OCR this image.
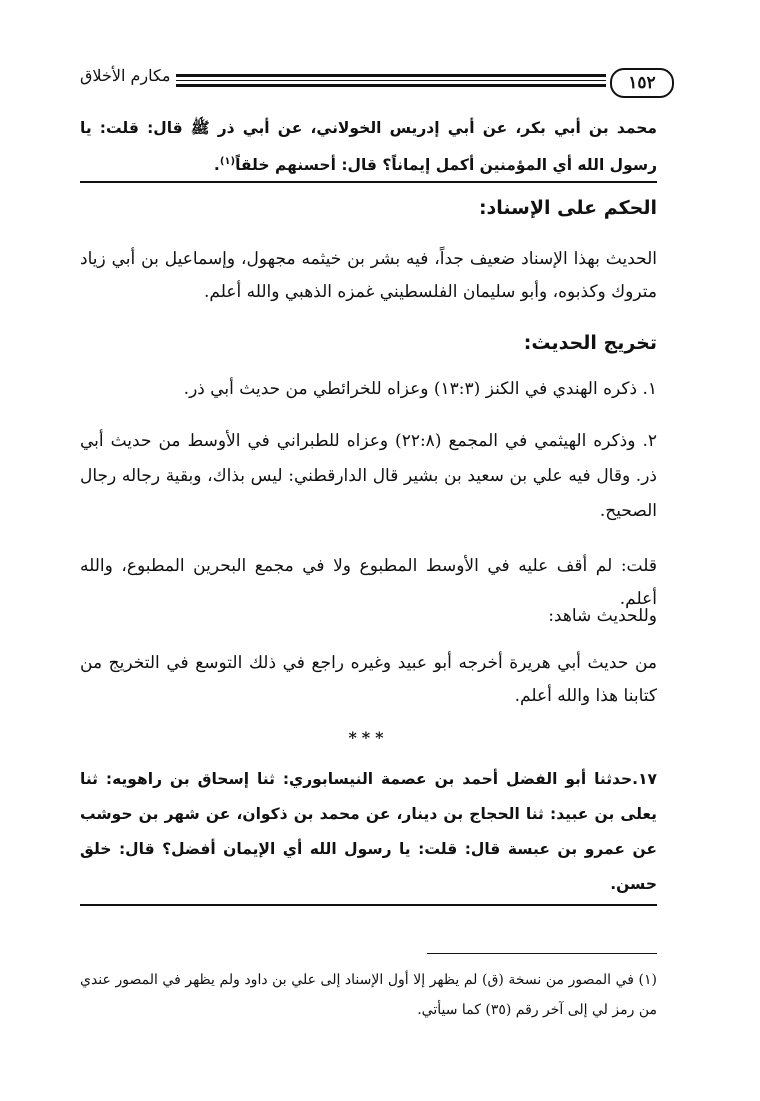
١٥٢
مكارم الأخلاق
محمد بن أبي بكر، عن أبي إدريس الخولاني، عن أبي ذر ﷺ قال: قلت: يا رسول الله أي المؤمنين أكمل إيماناً؟ قال: أحسنهم خلقاً$^{(١)}$.
الحكم على الإسناد:
الحديث بهذا الإسناد ضعيف جداً، فيه بشر بن خيثمه مجهول، وإسماعيل بن أبي زياد متروك وكذبوه، وأبو سليمان الفلسطيني غمزه الذهبي والله أعلم.
تخريج الحديث:
١. ذكره الهندي في الكنز (١٣:٣) وعزاه للخرائطي من حديث أبي ذر.
٢. وذكره الهيثمي في المجمع (٢٢:٨) وعزاه للطبراني في الأوسط من حديث أبي ذر. وقال فيه علي بن سعيد بن بشير قال الدارقطني: ليس بذاك، وبقية رجاله رجال الصحيح.
قلت: لم أقف عليه في الأوسط المطبوع ولا في مجمع البحرين المطبوع، والله أعلم.
وللحديث شاهد:
من حديث أبي هريرة أخرجه أبو عبيد وغيره راجع في ذلك التوسع في التخريج من كتابنا هذا والله أعلم.
***
١٧.حدثنا أبو الفضل أحمد بن عصمة النيسابوري: ثنا إسحاق بن راهويه: ثنا يعلى بن عبيد: ثنا الحجاج بن دينار، عن محمد بن ذكوان، عن شهر بن حوشب عن عمرو بن عبسة قال: قلت: يا رسول الله أي الإيمان أفضل؟ قال: خلق حسن.
(١) في المصور من نسخة (ق) لم يظهر إلا أول الإسناد إلى علي بن داود ولم يظهر في المصور عندي من رمز لي إلى آخر رقم (٣٥) كما سيأتي.
